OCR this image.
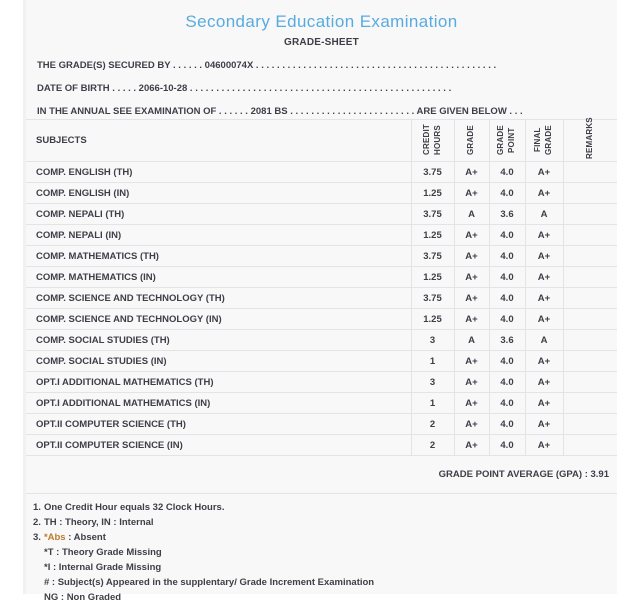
Secondary Education Examination
GRADE-SHEET
THE GRADE(S) SECURED BY . . . . . . 04600074X . . . . . . . . . . . . . . . . . . . . . . . . . . . . . . . . . . . . . . . . . . . . . .
DATE OF BIRTH . . . . . 2066-10-28 . . . . . . . . . . . . . . . . . . . . . . . . . . . . . . . . . . . . . . . . . . . . . . . . . .
IN THE ANNUAL SEE EXAMINATION OF . . . . . . 2081 BS . . . . . . . . . . . . . . . . . . . . . . . . ARE GIVEN BELOW . . .
SUBJECTS	CREDIT HOURS	GRADE	GRADE POINT	FINAL GRADE	REMARKS
COMP. ENGLISH (TH)	3.75	A+	4.0	A+	
COMP. ENGLISH (IN)	1.25	A+	4.0	A+	
COMP. NEPALI (TH)	3.75	A	3.6	A	
COMP. NEPALI (IN)	1.25	A+	4.0	A+	
COMP. MATHEMATICS (TH)	3.75	A+	4.0	A+	
COMP. MATHEMATICS (IN)	1.25	A+	4.0	A+	
COMP. SCIENCE AND TECHNOLOGY (TH)	3.75	A+	4.0	A+	
COMP. SCIENCE AND TECHNOLOGY (IN)	1.25	A+	4.0	A+	
COMP. SOCIAL STUDIES (TH)	3	A	3.6	A	
COMP. SOCIAL STUDIES (IN)	1	A+	4.0	A+	
OPT.I ADDITIONAL MATHEMATICS (TH)	3	A+	4.0	A+	
OPT.I ADDITIONAL MATHEMATICS (IN)	1	A+	4.0	A+	
OPT.II COMPUTER SCIENCE (TH)	2	A+	4.0	A+	
OPT.II COMPUTER SCIENCE (IN)	2	A+	4.0	A+	
GRADE POINT AVERAGE (GPA) : 3.91
1. One Credit Hour equals 32 Clock Hours.
2. TH : Theory, IN : Internal
3. *Abs : Absent
*T : Theory Grade Missing
*I : Internal Grade Missing
# : Subject(s) Appeared in the supplentary/ Grade Increment Examination
NG : Non Graded
